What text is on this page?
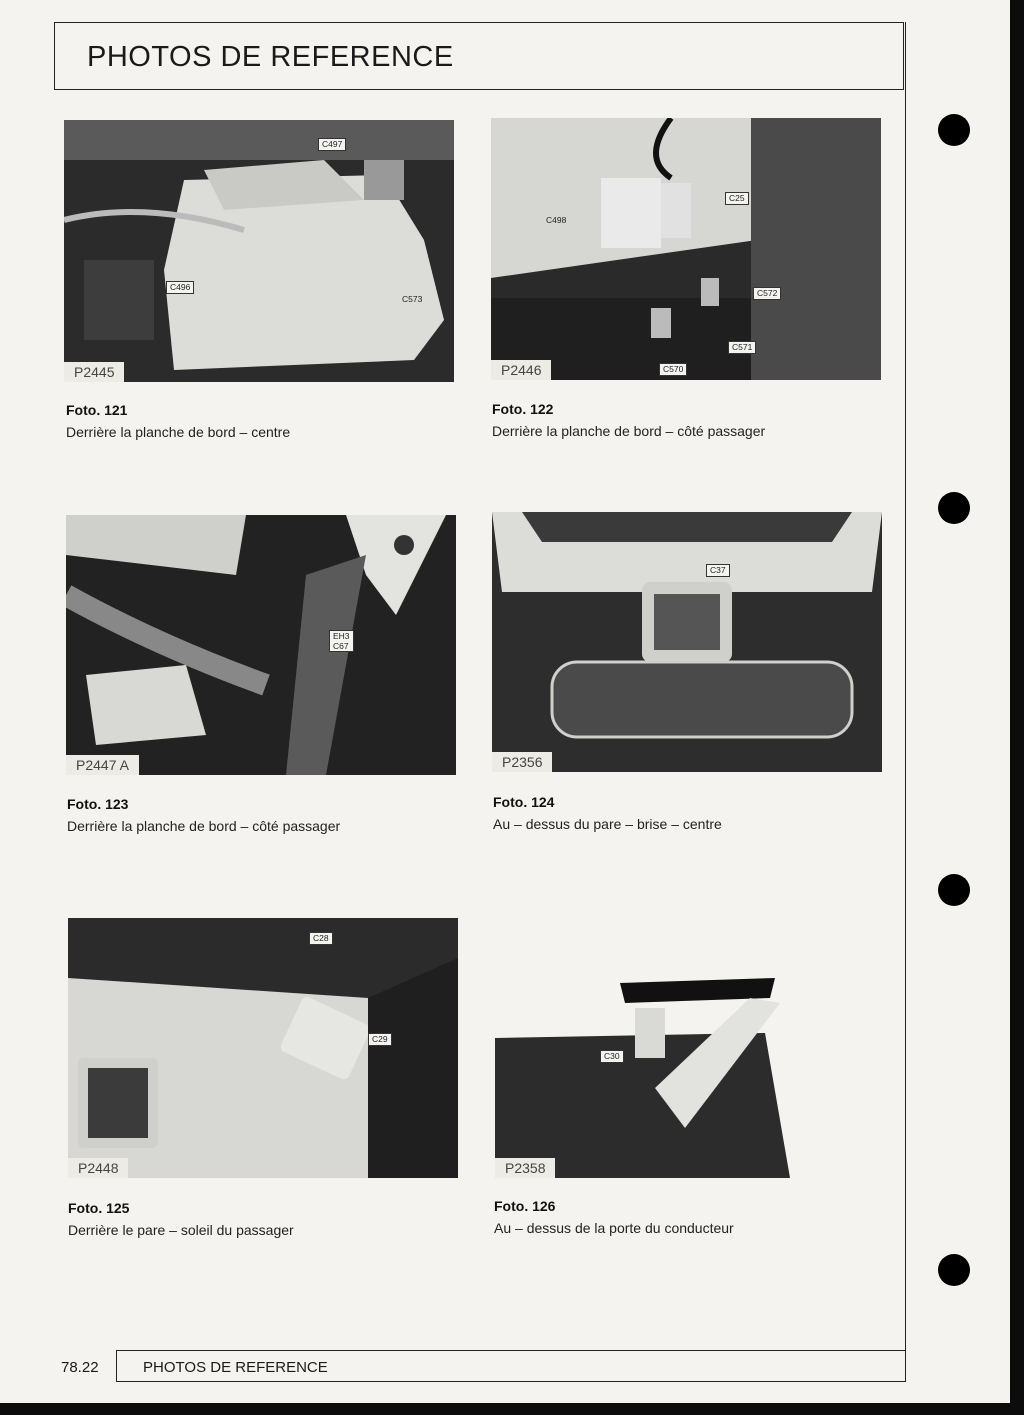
PHOTOS DE REFERENCE
C497
C496
C573
P2445
Foto. 121
Derrière la planche de bord – centre
C498
C25
C572
C571
C570
P2446
Foto. 122
Derrière la planche de bord – côté passager
EH3
C67
P2447 A
Foto. 123
Derrière la planche de bord – côté passager
C37
P2356
Foto. 124
Au – dessus du pare – brise – centre
C28
C29
P2448
Foto. 125
Derrière le pare – soleil du passager
C30
P2358
Foto. 126
Au – dessus de la porte du conducteur
78.22	PHOTOS DE REFERENCE
